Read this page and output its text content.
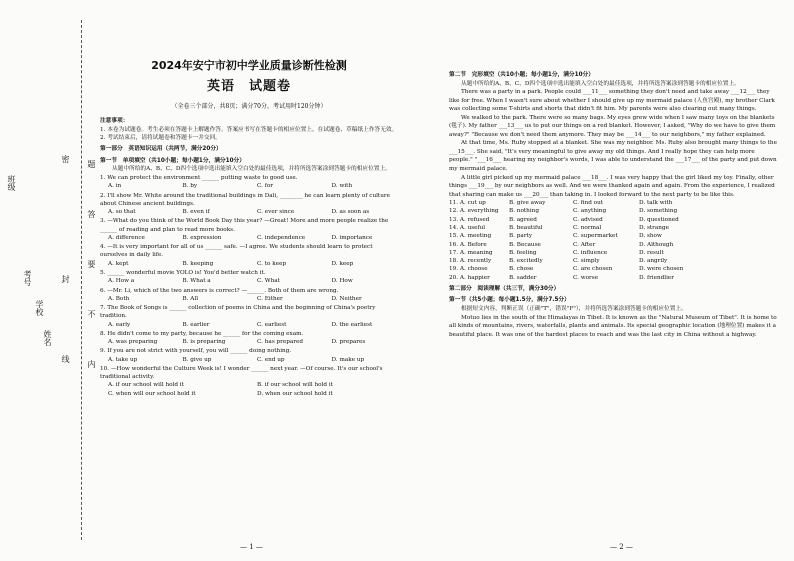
班级
考号
学校
姓名
密
封
线
题
答
要
不
内
2024年安宁市初中学业质量诊断性检测
英语　试题卷
（全卷三个部分，共8页；满分70分，考试用时120分钟）
注意事项：
1. 本卷为试题卷。考生必须在答题卡上解题作答。答案应书写在答题卡的相应位置上，在试题卷、草稿纸上作答无效。
2. 考试结束后，请将试题卷和答题卡一并交回。
第一部分　英语知识运用（共两节，满分20分）
第一节　单项填空（共10小题；每小题1分，满分10分）
从题中所给的A、B、C、D四个选项中选出能填入空白处的最佳选项，并将所选答案涂到答题卡的相应位置上。
1. We can protect the environment ______ putting waste to good use.
A. in	B. by	C. for	D. with
2. I'll show Mr. White around the traditional buildings in Dali, ________ he can learn plenty of culture about Chinese ancient buildings.
A. so that	B. even if	C. ever since	D. as soon as
3. —What do you think of the World Book Day this year? —Great! More and more people realize the ______ of reading and plan to read more books.
A. difference	B. expression	C. independence	D. importance
4. —It is very important for all of us ______ safe. —I agree. We students should learn to protect ourselves in daily life.
A. kept	B. keeping	C. to keep	D. keep
5. ______ wonderful movie YOLO is! You'd better watch it.
A. How a	B. What a	C. What	D. How
6. —Mr. Li, which of the two answers is correct? —______. Both of them are wrong.
A. Both	B. All	C. Either	D. Neither
7. The Book of Songs is ______ collection of poems in China and the beginning of China's poetry tradition.
A. early	B. earlier	C. earliest	D. the earliest
8. He didn't come to my party, because he ______ for the coming exam.
A. was preparing	B. is preparing	C. has prepared	D. prepares
9. If you are not strict with yourself, you will ______ doing nothing.
A. take up	B. give up	C. end up	D. make up
10. —How wonderful the Culture Week is! I wonder ______ next year. —Of course. It's our school's traditional activity.
A. if our school will hold it	B. if our school will hold it
C. when will our school hold it	D. when our school hold it
第二节　完形填空（共10小题；每小题1分，满分10分）
从题中所给的A、B、C、D四个选项中选出能填入空白处的最佳选项，并将所选答案涂到答题卡的相应位置上。
There was a party in a park. People could ___11___ something they don't need and take away ___12___ they like for free. When I wasn't sure about whether I should give up my mermaid palace (人鱼宫殿), my brother Clark was collecting some T-shirts and shorts that didn't fit him. My parents were also clearing out many things.
We walked to the park. There were so many bags. My eyes grew wide when I saw many toys on the blankets (毯子). My father ___13___ us to put our things on a red blanket. However, I asked, "Why do we have to give them away?" "Because we don't need them anymore. They may be ___14___ to our neighbors," my father explained.
At that time, Ms. Ruby stopped at a blanket. She was my neighbor. Ms. Ruby also brought many things to the ___15___. She said, "It's very meaningful to give away my old things. And I really hope they can help more people." "___16___ hearing my neighbor's words, I was able to understand the ___17___ of the party and put down my mermaid palace.
A little girl picked up my mermaid palace ___18___. I was very happy that the girl liked my toy. Finally, other things ___19___ by our neighbors as well. And we were thanked again and again. From the experience, I realized that sharing can make us ___20___ than taking in. I looked forward to the next party to be like this.
11. A. cut up	B. give away	C. find out	D. talk with
12. A. everything	B. nothing	C. anything	D. something
13. A. refused	B. agreed	C. advised	D. questioned
14. A. useful	B. beautiful	C. normal	D. strange
15. A. meeting	B. party	C. supermarket	D. show
16. A. Before	B. Because	C. After	D. Although
17. A. meaning	B. feeling	C. influence	D. result
18. A. recently	B. excitedly	C. simply	D. angrily
19. A. choose	B. chose	C. are chosen	D. were chosen
20. A. happier	B. sadder	C. worse	D. friendlier
第二部分　阅读理解（共三节，满分30分）
第一节（共5小题；每小题1.5分，满分7.5分）
根据短文内容，判断正误（正确"T"，错误"F"），并将所选答案涂到答题卡的相应位置上。
Motuo lies in the south of the Himalayas in Tibet. It is known as the "Natural Museum of Tibet". It is home to all kinds of mountains, rivers, waterfalls, plants and animals. Its special geographic location (地理位置) makes it a beautiful place. It was one of the hardest places to reach and was the last city in China without a highway.
— 1 —	— 2 —
